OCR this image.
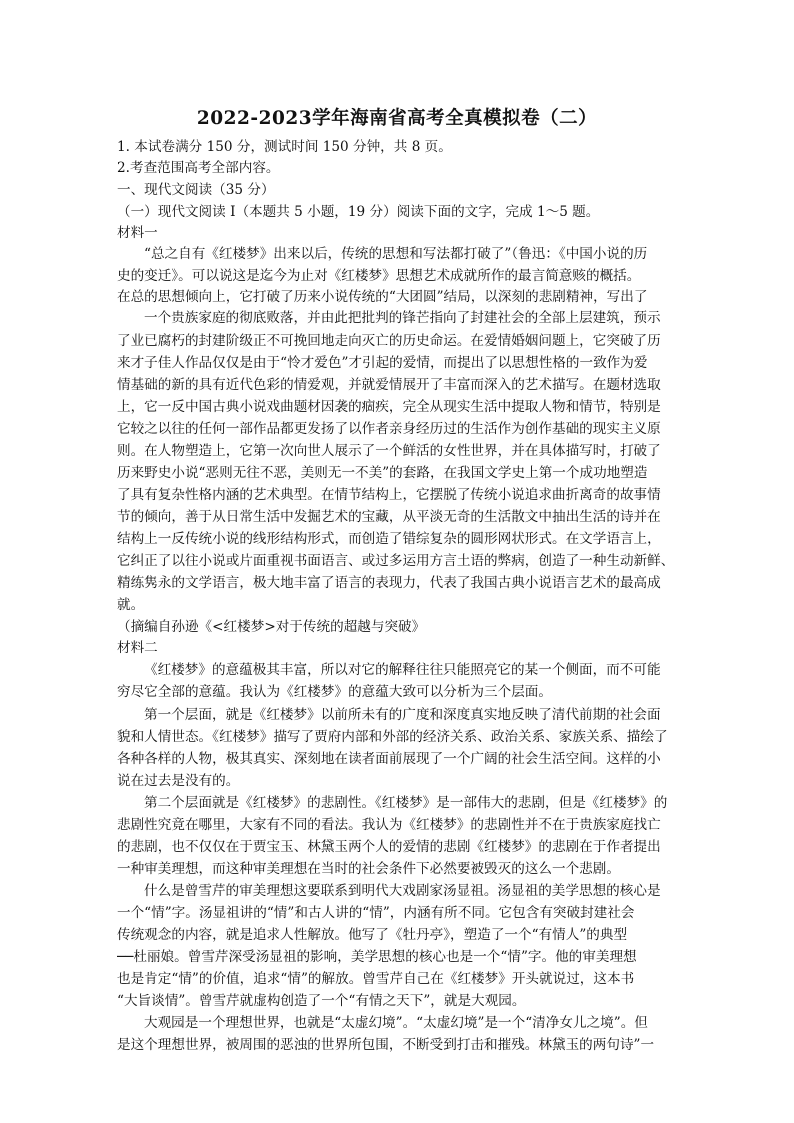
2022-2023学年海南省高考全真模拟卷（二）
1. 本试卷满分 150 分，测试时间 150 分钟，共 8 页。
2.考查范围高考全部内容。
一、现代文阅读（35 分）
（一）现代文阅读 I（本题共 5 小题，19 分）阅读下面的文字，完成 1～5 题。
材料一
“总之自有《红楼梦》出来以后，传统的思想和写法都打破了”（鲁迅：《中国小说的历
史的变迁》。可以说这是迄今为止对《红楼梦》思想艺术成就所作的最言简意赅的概括。
在总的思想倾向上，它打破了历来小说传统的“大团圆”结局，以深刻的悲剧精神，写出了
一个贵族家庭的彻底败落，并由此把批判的锋芒指向了封建社会的全部上层建筑，预示
了业已腐朽的封建阶级正不可挽回地走向灭亡的历史命运。在爱情婚姻问题上，它突破了历
来才子佳人作品仅仅是由于“怜才爱色”才引起的爱情，而提出了以思想性格的一致作为爱
情基础的新的具有近代色彩的情爱观，并就爱情展开了丰富而深入的艺术描写。在题材选取
上，它一反中国古典小说戏曲题材因袭的痼疾，完全从现实生活中提取人物和情节，特别是
它较之以往的任何一部作品都更发扬了以作者亲身经历过的生活作为创作基础的现实主义原
则。在人物塑造上，它第一次向世人展示了一个鲜活的女性世界，并在具体描写时，打破了
历来野史小说“恶则无往不恶，美则无一不美”的套路，在我国文学史上第一个成功地塑造
了具有复杂性格内涵的艺术典型。在情节结构上，它摆脱了传统小说追求曲折离奇的故事情
节的倾向，善于从日常生活中发掘艺术的宝藏，从平淡无奇的生活散文中抽出生活的诗并在
结构上一反传统小说的线形结构形式，而创造了错综复杂的圆形网状形式。在文学语言上，
它纠正了以往小说或片面重视书面语言、或过多运用方言土语的弊病，创造了一种生动新鲜、
精练隽永的文学语言，极大地丰富了语言的表现力，代表了我国古典小说语言艺术的最高成
就。
（摘编自孙逊《<红楼梦>对于传统的超越与突破》
材料二
《红楼梦》的意蕴极其丰富，所以对它的解释往往只能照亮它的某一个侧面，而不可能
穷尽它全部的意蕴。我认为《红楼梦》的意蕴大致可以分析为三个层面。
第一个层面，就是《红楼梦》以前所未有的广度和深度真实地反映了清代前期的社会面
貌和人情世态。《红楼梦》描写了贾府内部和外部的经济关系、政治关系、家族关系、描绘了
各种各样的人物，极其真实、深刻地在读者面前展现了一个广阔的社会生活空间。这样的小
说在过去是没有的。
第二个层面就是《红楼梦》的悲剧性。《红楼梦》是一部伟大的悲剧，但是《红楼梦》的
悲剧性究竟在哪里，大家有不同的看法。我认为《红楼梦》的悲剧性并不在于贵族家庭找亡
的悲剧，也不仅仅在于贾宝玉、林黛玉两个人的爱情的悲剧《红楼梦》的悲剧在于作者提出
一种审美理想，而这种审美理想在当时的社会条件下必然要被毁灭的这么一个悲剧。
什么是曾雪芹的审美理想这要联系到明代大戏剧家汤显祖。汤显祖的美学思想的核心是
一个“情”字。汤显祖讲的“情”和古人讲的“情”，内涵有所不同。它包含有突破封建社会
传统观念的内容，就是追求人性解放。他写了《牡丹亭》，塑造了一个“有情人”的典型
──杜丽娘。曾雪芹深受汤显祖的影响，美学思想的核心也是一个“情”字。他的审美理想
也是肯定“情”的价值，追求“情”的解放。曾雪芹自己在《红楼梦》开头就说过，这本书
“大旨谈情”。曾雪芹就虚构创造了一个“有情之天下”，就是大观园。
大观园是一个理想世界，也就是“太虚幻境”。“太虚幻境”是一个“清净女儿之境”。但
是这个理想世界，被周围的恶浊的世界所包围，不断受到打击和摧残。林黛玉的两句诗”一
